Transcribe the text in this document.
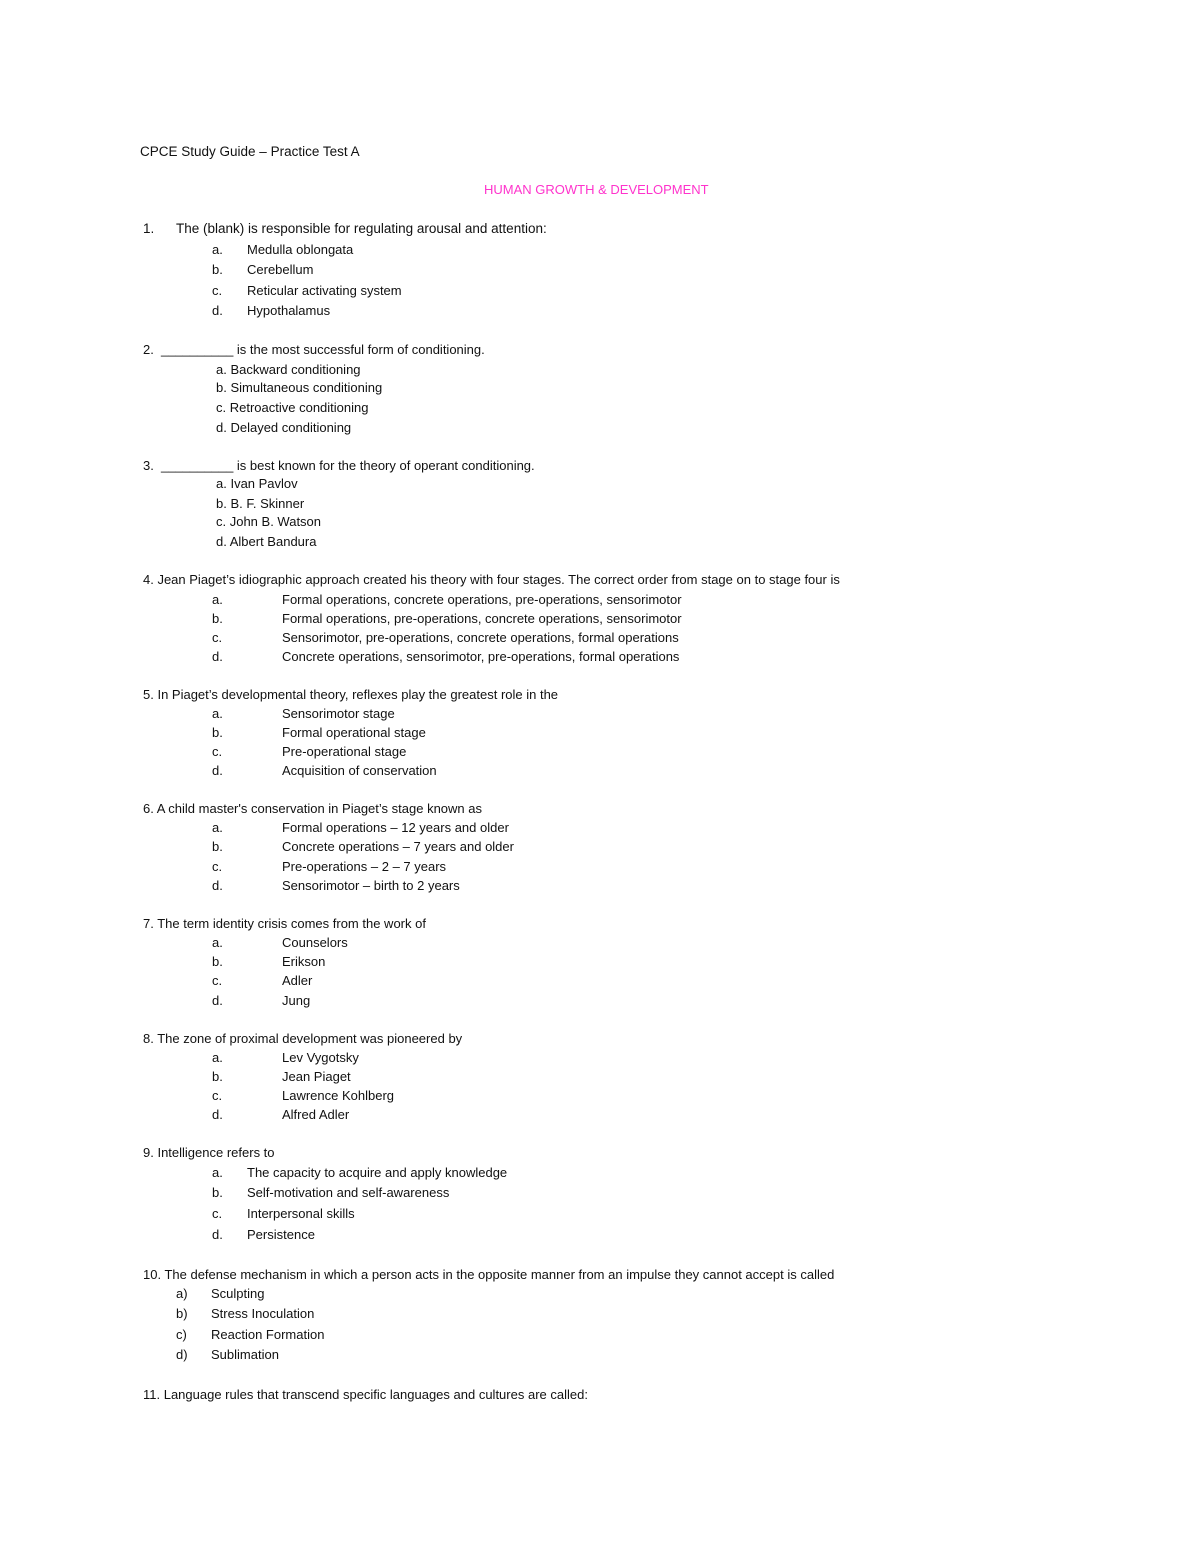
CPCE Study Guide – Practice Test A
HUMAN GROWTH & DEVELOPMENT
1. The (blank) is responsible for regulating arousal and attention:
a. Medulla oblongata
b. Cerebellum
c. Reticular activating system
d. Hypothalamus
2. __________ is the most successful form of conditioning.
a. Backward conditioning
b. Simultaneous conditioning
c. Retroactive conditioning
d. Delayed conditioning
3. __________ is best known for the theory of operant conditioning.
a. Ivan Pavlov
b. B. F. Skinner
c. John B. Watson
d. Albert Bandura
4. Jean Piaget’s idiographic approach created his theory with four stages. The correct order from stage on to stage four is
a.	Formal operations, concrete operations, pre-operations, sensorimotor
b.	Formal operations, pre-operations, concrete operations, sensorimotor
c.	Sensorimotor, pre-operations, concrete operations, formal operations
d.	Concrete operations, sensorimotor, pre-operations, formal operations
5. In Piaget’s developmental theory, reflexes play the greatest role in the
a.	Sensorimotor stage
b.	Formal operational stage
c.	Pre-operational stage
d.	Acquisition of conservation
6. A child master's conservation in Piaget’s stage known as
a.	Formal operations – 12 years and older
b.	Concrete operations – 7 years and older
c.	Pre-operations – 2 – 7 years
d.	Sensorimotor – birth to 2 years
7. The term identity crisis comes from the work of
a.	Counselors
b.	Erikson
c.	Adler
d.	Jung
8. The zone of proximal development was pioneered by
a.	Lev Vygotsky
b.	Jean Piaget
c.	Lawrence Kohlberg
d.	Alfred Adler
9. Intelligence refers to
a. The capacity to acquire and apply knowledge
b. Self-motivation and self-awareness
c. Interpersonal skills
d. Persistence
10. The defense mechanism in which a person acts in the opposite manner from an impulse they cannot accept is called
a) Sculpting
b) Stress Inoculation
c) Reaction Formation
d) Sublimation
11. Language rules that transcend specific languages and cultures are called:
